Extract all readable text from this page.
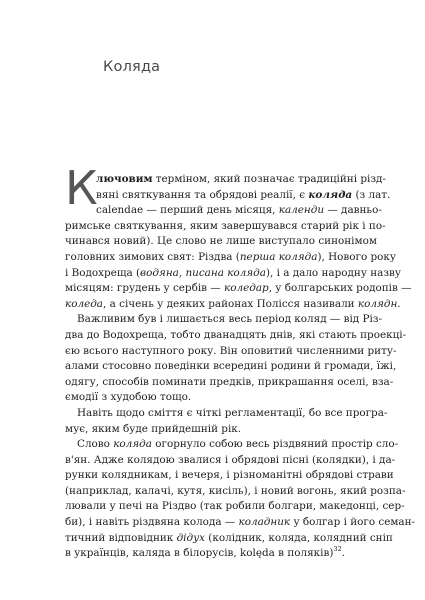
Коляда
К
лючовим терміном, який позначає традиційні різд-
вяні святкування та обрядові реалії, є коляда (з лат.
calendae — перший день місяця, календи — давньо-
римське святкування, яким завершувався старий рік і по-
чинався новий). Це слово не лише виступало синонімом
головних зимових свят: Різдва (перша коляда), Нового року
і Водохреща (водяна, писана коляда), і а дало народну назву
місяцям: грудень у сербів — коледар, у болгарських родопів —
коледа, а січень у деяких районах Полісся називали колядн.
Важливим був і лишається весь період коляд — від Різ-
два до Водохреща, тобто дванадцять днів, які стають проекці-
єю всього наступного року. Він оповитий численними риту-
алами стосовно поведінки всередині родини й громади, їжі,
одягу, способів поминати предків, прикрашання оселі, вза-
ємодії з худобою тощо.
Навіть щодо сміття є чіткі регламентації, бо все програ-
мує, яким буде прийдешній рік.
Слово коляда огорнуло собою весь різдвяний простір сло-
в'ян. Адже колядою звалися і обрядові пісні (колядки), і да-
рунки колядникам, і вечеря, і різноманітні обрядові страви
(наприклад, калачі, кутя, кисіль), і новий вогонь, який розпа-
лювали у печі на Різдво (так робили болгари, македонці, сер-
би), і навіть різдвяна колода — коладник у болгар і його семан-
тичний відповідник дідух (колідник, коляда, колядний сніп
в українців, каляда в білорусів, kolęda в поляків)$^{32}$.
